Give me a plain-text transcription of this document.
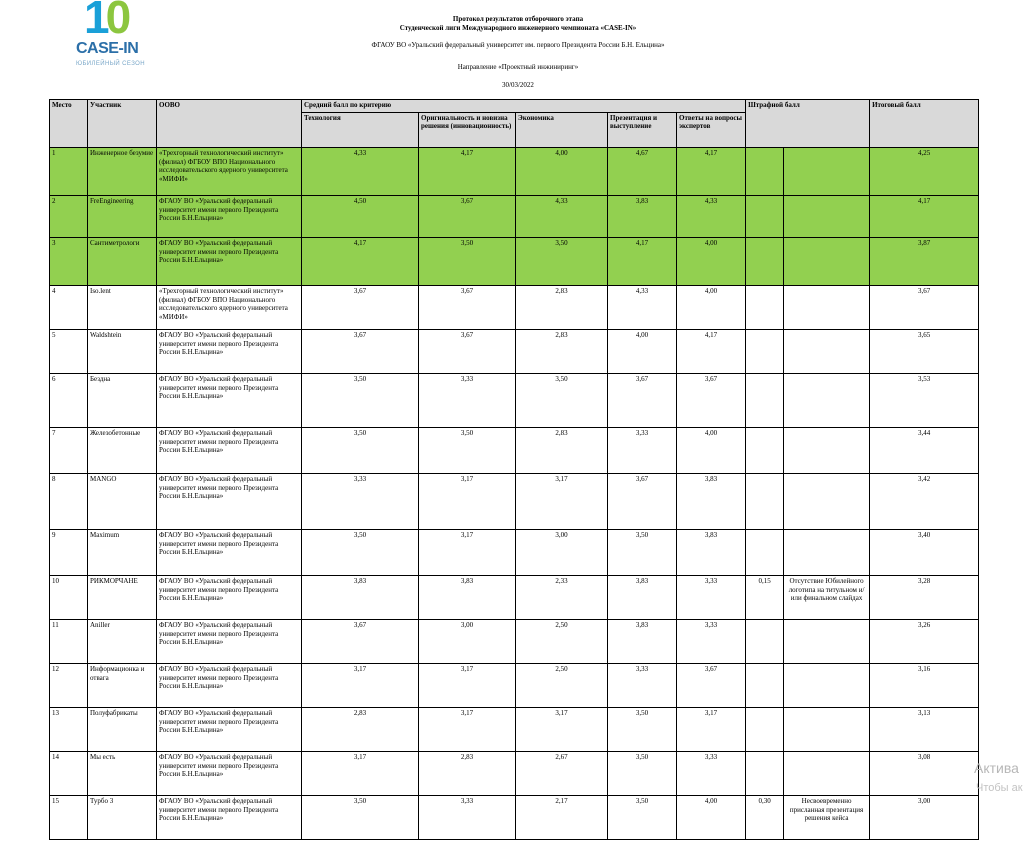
10
CASE-IN
ЮБИЛЕЙНЫЙ СЕЗОН
Протокол результатов отборочного этапа
Студенческой лиги Международного инженерного чемпионата «CASE-IN»
ФГАОУ ВО «Уральский федеральный университет им. первого Президента России Б.Н. Ельцина»
Направление «Проектный инжиниринг»
30/03/2022
Место	Участник	ООВО	Средний балл по критерию					Штрафной балл		Итоговый балл
			Технология	Оригинальность и новизна решения (инновационность)	Экономика	Презентация и выступление	Ответы на вопросы экспертов			
1	Инженерное безумие	«Трехгорный технологический институт» (филиал) ФГБОУ ВПО Национального исследовательского ядерного университета «МИФИ»	4,33	4,17	4,00	4,67	4,17			4,25
2	FreEngineering	ФГАОУ ВО «Уральский федеральный университет имени первого Президента России Б.Н.Ельцина»	4,50	3,67	4,33	3,83	4,33			4,17
3	Сантиметрологи	ФГАОУ ВО «Уральский федеральный университет имени первого Президента России Б.Н.Ельцина»	4,17	3,50	3,50	4,17	4,00			3,87
4	Iso.lent	«Трехгорный технологический институт» (филиал) ФГБОУ ВПО Национального исследовательского ядерного университета «МИФИ»	3,67	3,67	2,83	4,33	4,00			3,67
5	Waldshtein	ФГАОУ ВО «Уральский федеральный университет имени первого Президента России Б.Н.Ельцина»	3,67	3,67	2,83	4,00	4,17			3,65
6	Бездна	ФГАОУ ВО «Уральский федеральный университет имени первого Президента России Б.Н.Ельцина»	3,50	3,33	3,50	3,67	3,67			3,53
7	Железобетонные	ФГАОУ ВО «Уральский федеральный университет имени первого Президента России Б.Н.Ельцина»	3,50	3,50	2,83	3,33	4,00			3,44
8	MANGO	ФГАОУ ВО «Уральский федеральный университет имени первого Президента России Б.Н.Ельцина»	3,33	3,17	3,17	3,67	3,83			3,42
9	Maximum	ФГАОУ ВО «Уральский федеральный университет имени первого Президента России Б.Н.Ельцина»	3,50	3,17	3,00	3,50	3,83			3,40
10	РИКМОРЧАНЕ	ФГАОУ ВО «Уральский федеральный университет имени первого Президента России Б.Н.Ельцина»	3,83	3,83	2,33	3,83	3,33	0,15	Отсутствие Юбилейного логотипа на титульном и/или финальном слайдах	3,28
11	Aniller	ФГАОУ ВО «Уральский федеральный университет имени первого Президента России Б.Н.Ельцина»	3,67	3,00	2,50	3,83	3,33			3,26
12	Информационка и отвага	ФГАОУ ВО «Уральский федеральный университет имени первого Президента России Б.Н.Ельцина»	3,17	3,17	2,50	3,33	3,67			3,16
13	Полуфабрикаты	ФГАОУ ВО «Уральский федеральный университет имени первого Президента России Б.Н.Ельцина»	2,83	3,17	3,17	3,50	3,17			3,13
14	Мы есть	ФГАОУ ВО «Уральский федеральный университет имени первого Президента России Б.Н.Ельцина»	3,17	2,83	2,67	3,50	3,33			3,08
15	Турбо 3	ФГАОУ ВО «Уральский федеральный университет имени первого Президента России Б.Н.Ельцина»	3,50	3,33	2,17	3,50	4,00	0,30	Несвоевременно присланная презентация решения кейса	3,00
Актива
Чтобы ак
